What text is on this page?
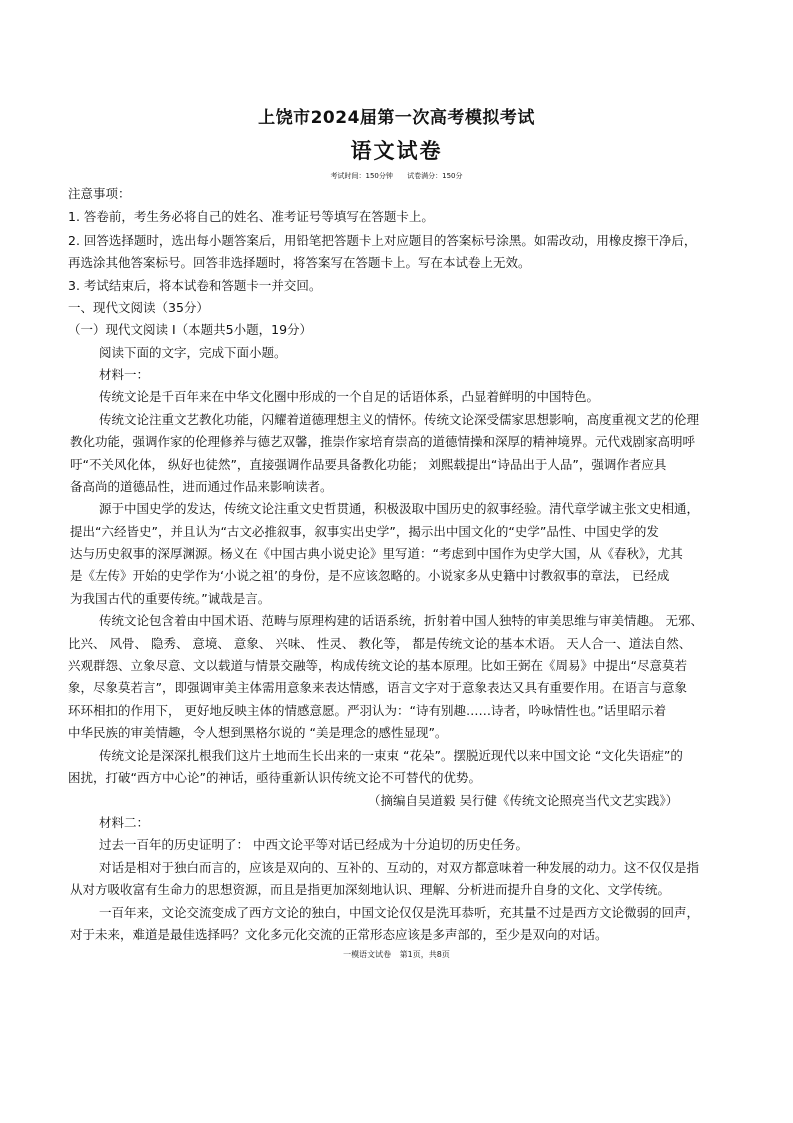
上饶市2024届第一次高考模拟考试
语文试卷
考试时间：150分钟 试卷满分：150分
注意事项：
1. 答卷前，考生务必将自己的姓名、准考证号等填写在答题卡上。
2. 回答选择题时，选出每小题答案后，用铅笔把答题卡上对应题目的答案标号涂黑。如需改动，用橡皮擦干净后，
再选涂其他答案标号。回答非选择题时，将答案写在答题卡上。写在本试卷上无效。
3. 考试结束后，将本试卷和答题卡一并交回。
一、现代文阅读（35分）
（一）现代文阅读 Ⅰ（本题共5小题，19分）
阅读下面的文字，完成下面小题。
材料一：
传统文论是千百年来在中华文化圈中形成的一个自足的话语体系，凸显着鲜明的中国特色。
传统文论注重文艺教化功能，闪耀着道德理想主义的情怀。传统文论深受儒家思想影响，高度重视文艺的伦理
教化功能，强调作家的伦理修养与德艺双馨，推崇作家培育崇高的道德情操和深厚的精神境界。元代戏剧家高明呼
吁“不关风化体， 纵好也徒然”，直接强调作品要具备教化功能； 刘熙载提出“诗品出于人品”，强调作者应具
备高尚的道德品性，进而通过作品来影响读者。
源于中国史学的发达，传统文论注重文史哲贯通，积极汲取中国历史的叙事经验。清代章学诚主张文史相通，
提出“六经皆史”，并且认为“古文必推叙事，叙事实出史学”，揭示出中国文化的“史学”品性、中国史学的发
达与历史叙事的深厚渊源。杨义在《中国古典小说史论》里写道：“考虑到中国作为史学大国，从《春秋》，尤其
是《左传》开始的史学作为‘小说之祖’的身份，是不应该忽略的。小说家多从史籍中讨教叙事的章法， 已经成
为我国古代的重要传统。”诚哉是言。
传统文论包含着由中国术语、范畴与原理构建的话语系统，折射着中国人独特的审美思维与审美情趣。 无邪、
比兴、 风骨、 隐秀、 意境、 意象、 兴味、 性灵、 教化等， 都是传统文论的基本术语。 天人合一、道法自然、
兴观群怨、立象尽意、文以载道与情景交融等，构成传统文论的基本原理。比如王弼在《周易》中提出“尽意莫若
象，尽象莫若言”，即强调审美主体需用意象来表达情感，语言文字对于意象表达又具有重要作用。在语言与意象
环环相扣的作用下， 更好地反映主体的情感意愿。严羽认为：“诗有别趣……诗者，吟咏情性也。”话里昭示着
中华民族的审美情趣，令人想到黑格尔说的 “美是理念的感性显现”。
传统文论是深深扎根我们这片土地而生长出来的一束束 “花朵”。摆脱近现代以来中国文论 “文化失语症”的
困扰，打破“西方中心论”的神话，亟待重新认识传统文论不可替代的优势。
（摘编自吴道毅 吴行健《传统文论照亮当代文艺实践》）
材料二：
过去一百年的历史证明了： 中西文论平等对话已经成为十分迫切的历史任务。
对话是相对于独白而言的，应该是双向的、互补的、互动的，对双方都意味着一种发展的动力。这不仅仅是指
从对方吸收富有生命力的思想资源，而且是指更加深刻地认识、理解、分析进而提升自身的文化、文学传统。
一百年来，文论交流变成了西方文论的独白，中国文论仅仅是洗耳恭听，充其量不过是西方文论微弱的回声，
对于未来，难道是最佳选择吗？文化多元化交流的正常形态应该是多声部的，至少是双向的对话。
一模语文试卷 第1页，共8页
